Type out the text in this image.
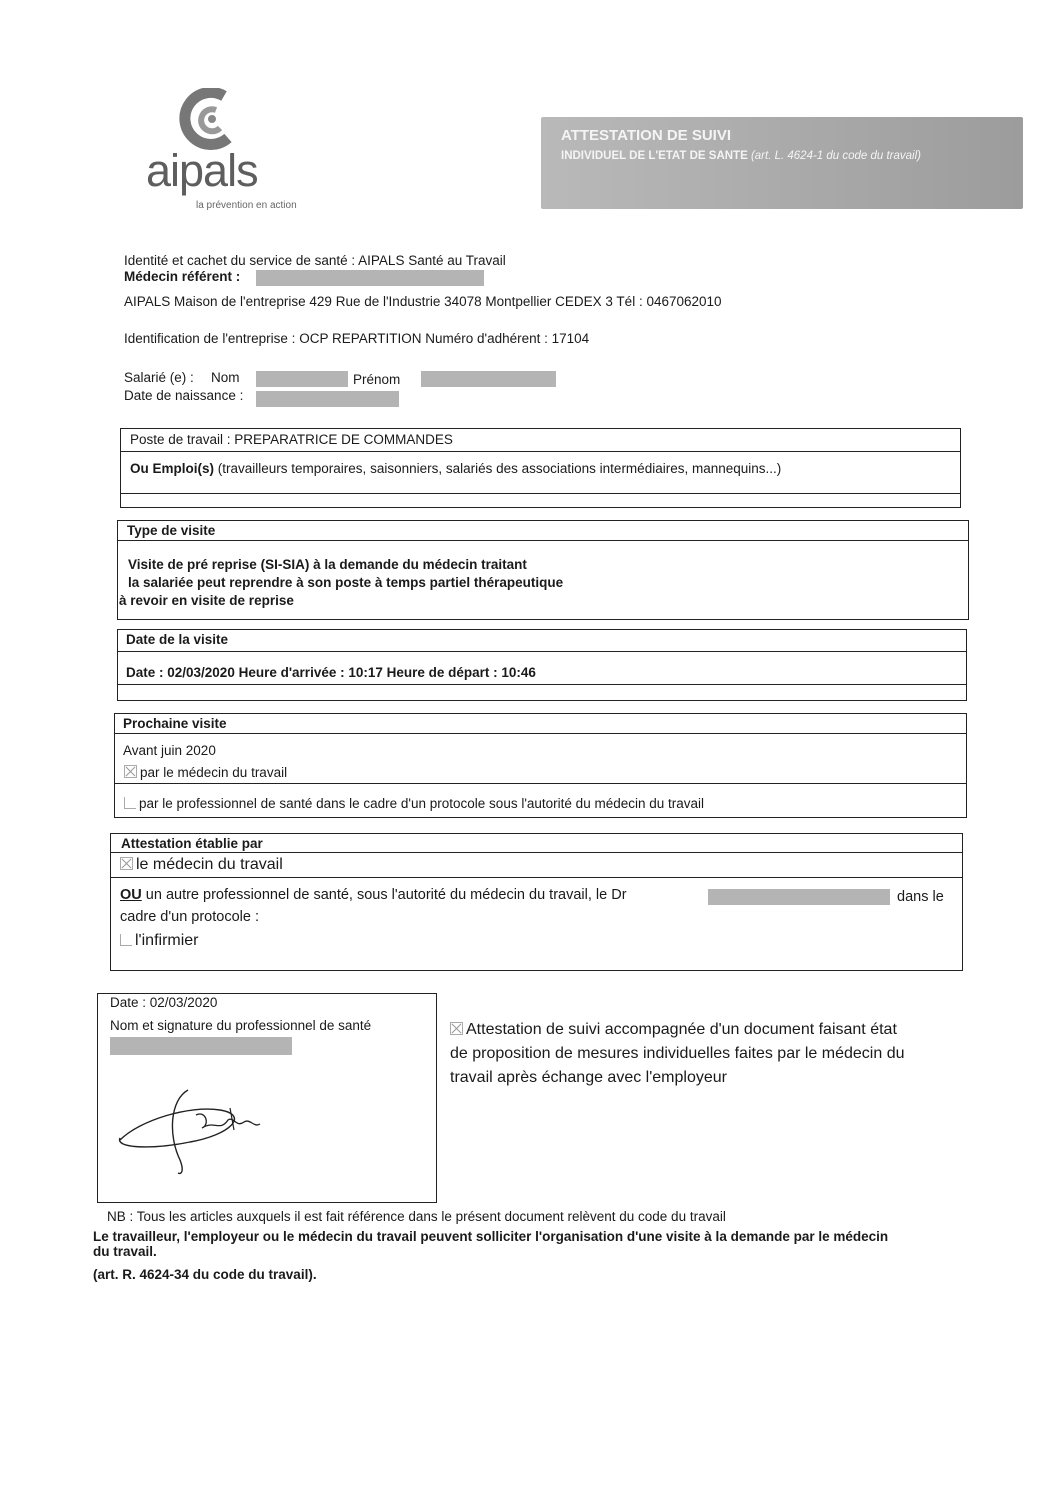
aipals
la prévention en action
ATTESTATION DE SUIVI
INDIVIDUEL DE L'ETAT DE SANTE (art. L. 4624-1 du code du travail)
Identité et cachet du service de santé : AIPALS Santé au Travail
Médecin référent :
AIPALS Maison de l'entreprise 429 Rue de l'Industrie 34078 Montpellier CEDEX 3 Tél : 0467062010
Identification de l'entreprise : OCP REPARTITION Numéro d'adhérent : 17104
Salarié (e) : Nom	Prénom
Date de naissance :
Poste de travail : PREPARATRICE DE COMMANDES
Ou Emploi(s) (travailleurs temporaires, saisonniers, salariés des associations intermédiaires, mannequins...)
Type de visite
Visite de pré reprise (SI-SIA) à la demande du médecin traitant
la salariée peut reprendre à son poste à temps partiel thérapeutique
à revoir en visite de reprise
Date de la visite
Date : 02/03/2020 Heure d'arrivée : 10:17 Heure de départ : 10:46
Prochaine visite
Avant juin 2020
par le médecin du travail
par le professionnel de santé dans le cadre d'un protocole sous l'autorité du médecin du travail
Attestation établie par
le médecin du travail
OU un autre professionnel de santé, sous l'autorité du médecin du travail, le Dr	dans le
cadre d'un protocole :
l'infirmier
Date : 02/03/2020
Nom et signature du professionnel de santé	Attestation de suivi accompagnée d'un document faisant état
de proposition de mesures individuelles faites par le médecin du
travail après échange avec l'employeur
NB : Tous les articles auxquels il est fait référence dans le présent document relèvent du code du travail
Le travailleur, l'employeur ou le médecin du travail peuvent solliciter l'organisation d'une visite à la demande par le médecin
du travail.
(art. R. 4624-34 du code du travail).
